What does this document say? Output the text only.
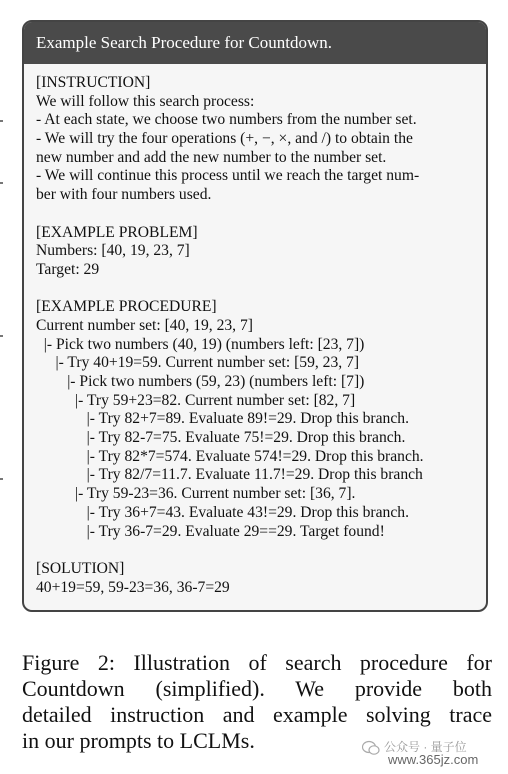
Example Search Procedure for Countdown.
[INSTRUCTION]
We will follow this search process:
- At each state, we choose two numbers from the number set.
- We will try the four operations (+, −, ×, and /) to obtain the
new number and add the new number to the number set.
- We will continue this process until we reach the target num-
ber with four numbers used.
[EXAMPLE PROBLEM]
Numbers: [40, 19, 23, 7]
Target: 29
[EXAMPLE PROCEDURE]
Current number set: [40, 19, 23, 7]
|- Pick two numbers (40, 19) (numbers left: [23, 7])
|- Try 40+19=59. Current number set: [59, 23, 7]
|- Pick two numbers (59, 23) (numbers left: [7])
|- Try 59+23=82. Current number set: [82, 7]
|- Try 82+7=89. Evaluate 89!=29. Drop this branch.
|- Try 82-7=75. Evaluate 75!=29. Drop this branch.
|- Try 82*7=574. Evaluate 574!=29. Drop this branch.
|- Try 82/7=11.7. Evaluate 11.7!=29. Drop this branch
|- Try 59-23=36. Current number set: [36, 7].
|- Try 36+7=43. Evaluate 43!=29. Drop this branch.
|- Try 36-7=29. Evaluate 29==29. Target found!
[SOLUTION]
40+19=59, 59-23=36, 36-7=29
Figure 2: Illustration of search procedure for
Countdown (simplified). We provide both
detailed instruction and example solving trace
in our prompts to LCLMs.	公众号 · 量子位
www.365jz.com
